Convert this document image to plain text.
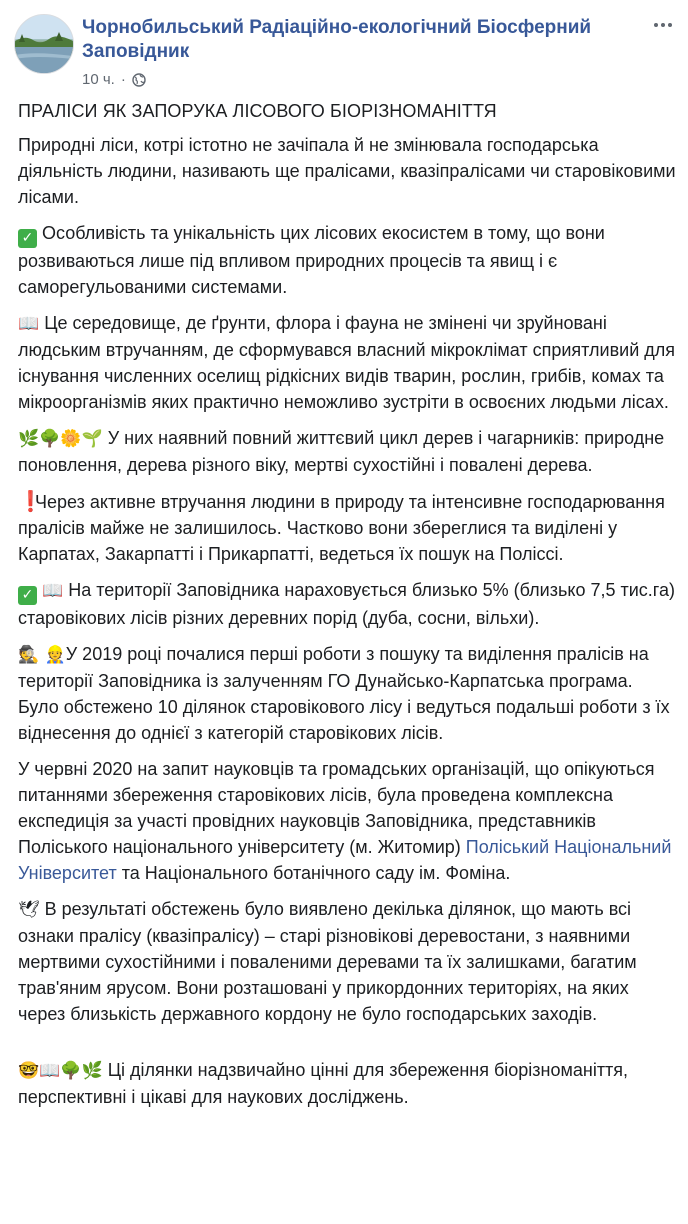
Чорнобильський Радіаційно-екологічний Біосферний Заповідник
10 ч. ·
ПРАЛІСИ ЯК ЗАПОРУКА ЛІСОВОГО БІОРІЗНОМАНІТТЯ

Природні ліси, котрі істотно не зачіпала й не змінювала господарська діяльність людини, називають ще пралісами, квазіпралісами чи старовіковими лісами.

✓ Особливість та унікальність цих лісових екосистем в тому, що вони розвиваються лише під впливом природних процесів та явищ і є саморегульованими системами.

📖 Це середовище, де ґрунти, флора і фауна не змінені чи зруйновані людським втручанням, де сформувався власний мікроклімат сприятливий для існування численних оселищ рідкісних видів тварин, рослин, грибів, комах та мікроорганізмів яких практично неможливо зустріти в освоєних людьми лісах.

🌿🌳🌼🌱 У них наявний повний життєвий цикл дерев і чагарників: природне поновлення, дерева різного віку, мертві сухостійні і повалені дерева.

❗ Через активне втручання людини в природу та інтенсивне господарювання пралісів майже не залишилось. Частково вони збереглися та виділені у Карпатах, Закарпатті і Прикарпатті, ведеться їх пошук на Поліссі.

✓ 📖 На території Заповідника нараховується близько 5% (близько 7,5 тис.га) старовікових лісів різних деревних порід (дуба, сосни, вільхи).

🕵 👷У 2019 році почалися перші роботи з пошуку та виділення пралісів на території Заповідника із залученням ГО Дунайсько-Карпатська програма. Було обстежено 10 ділянок старовікового лісу і ведуться подальші роботи з їх віднесення до однієї з категорій старовікових лісів.

У червні 2020 на запит науковців та громадських організацій, що опікуються питаннями збереження старовікових лісів, була проведена комплексна експедиція за участі провідних науковців Заповідника, представників Поліського національного університету (м. Житомир) Поліський Національний Університет та Національного ботанічного саду ім. Фоміна.

🕊 В результаті обстежень було виявлено декілька ділянок, що мають всі ознаки пралісу (квазіпралісу) – старі різновікові деревостани, з наявними мертвими сухостійними і поваленими деревами та їх залишками, багатим трав'яним ярусом. Вони розташовані у прикордонних територіях, на яких через близькість державного кордону не було господарських заходів.

🤓📖🌳🌿 Ці ділянки надзвичайно цінні для збереження біорізноманіття, перспективні і цікаві для наукових досліджень.
